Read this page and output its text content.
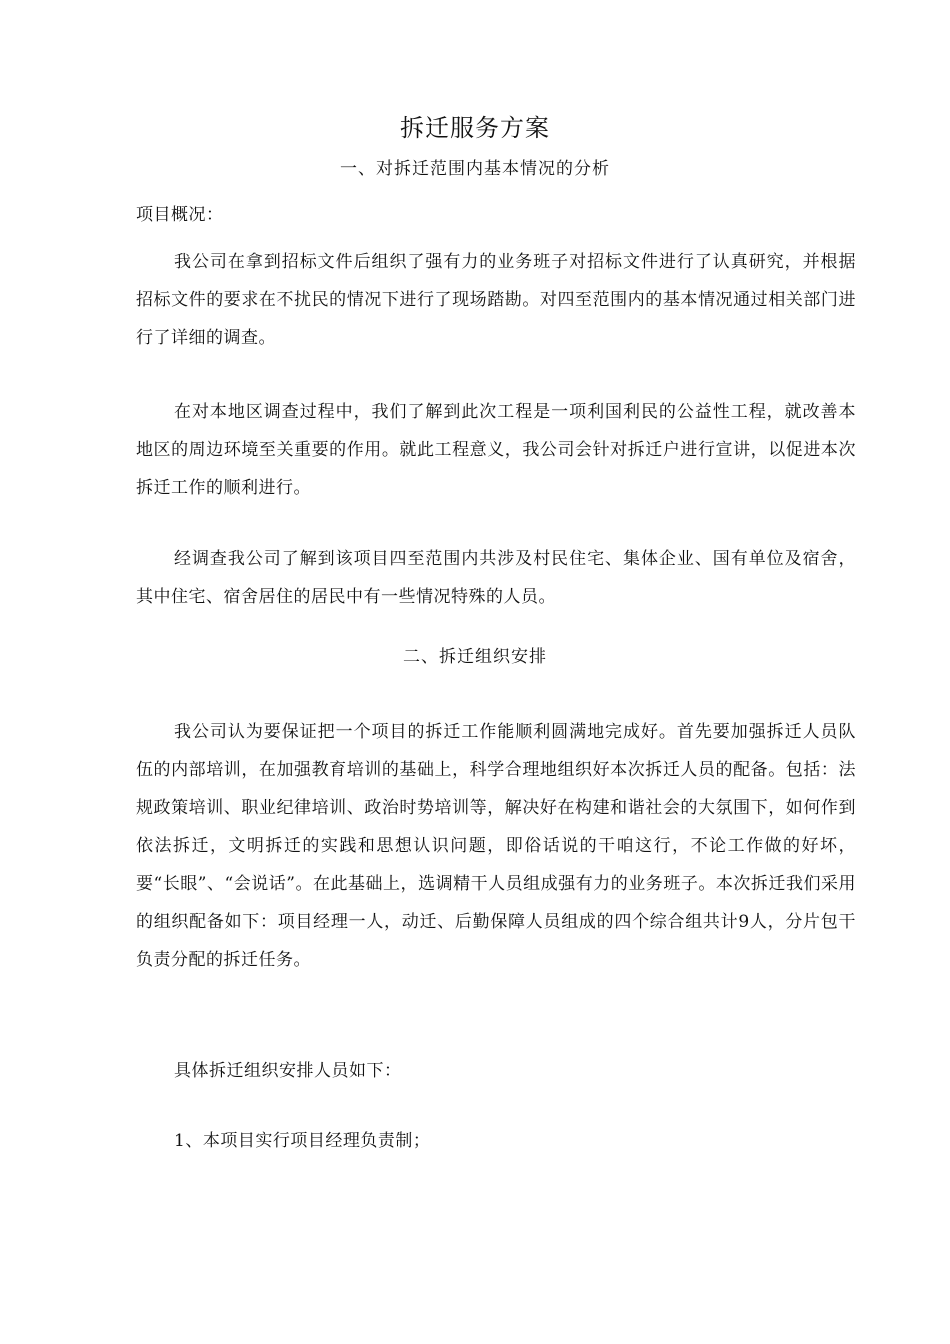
拆迁服务方案
一、对拆迁范围内基本情况的分析

项目概况：

我公司在拿到招标文件后组织了强有力的业务班子对招标文件进行了认真研究，并根据招标文件的要求在不扰民的情况下进行了现场踏勘。对四至范围内的基本情况通过相关部门进行了详细的调查。

在对本地区调查过程中，我们了解到此次工程是一项利国利民的公益性工程，就改善本地区的周边环境至关重要的作用。就此工程意义，我公司会针对拆迁户进行宣讲，以促进本次拆迁工作的顺利进行。

经调查我公司了解到该项目四至范围内共涉及村民住宅、集体企业、国有单位及宿舍，其中住宅、宿舍居住的居民中有一些情况特殊的人员。

二、拆迁组织安排

我公司认为要保证把一个项目的拆迁工作能顺利圆满地完成好。首先要加强拆迁人员队伍的内部培训，在加强教育培训的基础上，科学合理地组织好本次拆迁人员的配备。包括：法规政策培训、职业纪律培训、政治时势培训等，解决好在构建和谐社会的大氛围下，如何作到依法拆迁，文明拆迁的实践和思想认识问题，即俗话说的干咱这行，不论工作做的好坏，要“长眼”、“会说话”。在此基础上，选调精干人员组成强有力的业务班子。本次拆迁我们采用的组织配备如下：项目经理一人，动迁、后勤保障人员组成的四个综合组共计9人，分片包干负责分配的拆迁任务。

具体拆迁组织安排人员如下：

1、本项目实行项目经理负责制；
